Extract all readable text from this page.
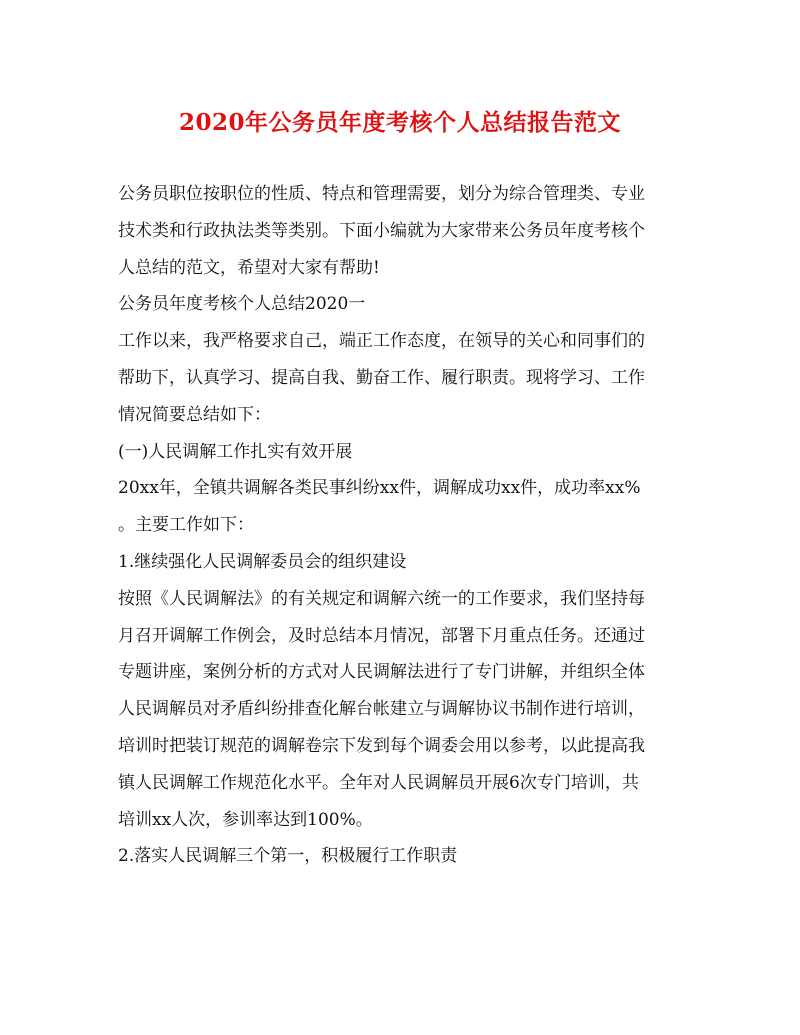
2020年公务员年度考核个人总结报告范文
公务员职位按职位的性质、特点和管理需要，划分为综合管理类、专业
技术类和行政执法类等类别。下面小编就为大家带来公务员年度考核个
人总结的范文，希望对大家有帮助!
公务员年度考核个人总结2020一
工作以来，我严格要求自己，端正工作态度，在领导的关心和同事们的
帮助下，认真学习、提高自我、勤奋工作、履行职责。现将学习、工作
情况简要总结如下：
(一)人民调解工作扎实有效开展
20xx年，全镇共调解各类民事纠纷xx件，调解成功xx件，成功率xx%
。主要工作如下：
1.继续强化人民调解委员会的组织建设
按照《人民调解法》的有关规定和调解六统一的工作要求，我们坚持每
月召开调解工作例会，及时总结本月情况，部署下月重点任务。还通过
专题讲座，案例分析的方式对人民调解法进行了专门讲解，并组织全体
人民调解员对矛盾纠纷排查化解台帐建立与调解协议书制作进行培训，
培训时把装订规范的调解卷宗下发到每个调委会用以参考，以此提高我
镇人民调解工作规范化水平。全年对人民调解员开展6次专门培训，共
培训xx人次，参训率达到100%。
2.落实人民调解三个第一，积极履行工作职责
